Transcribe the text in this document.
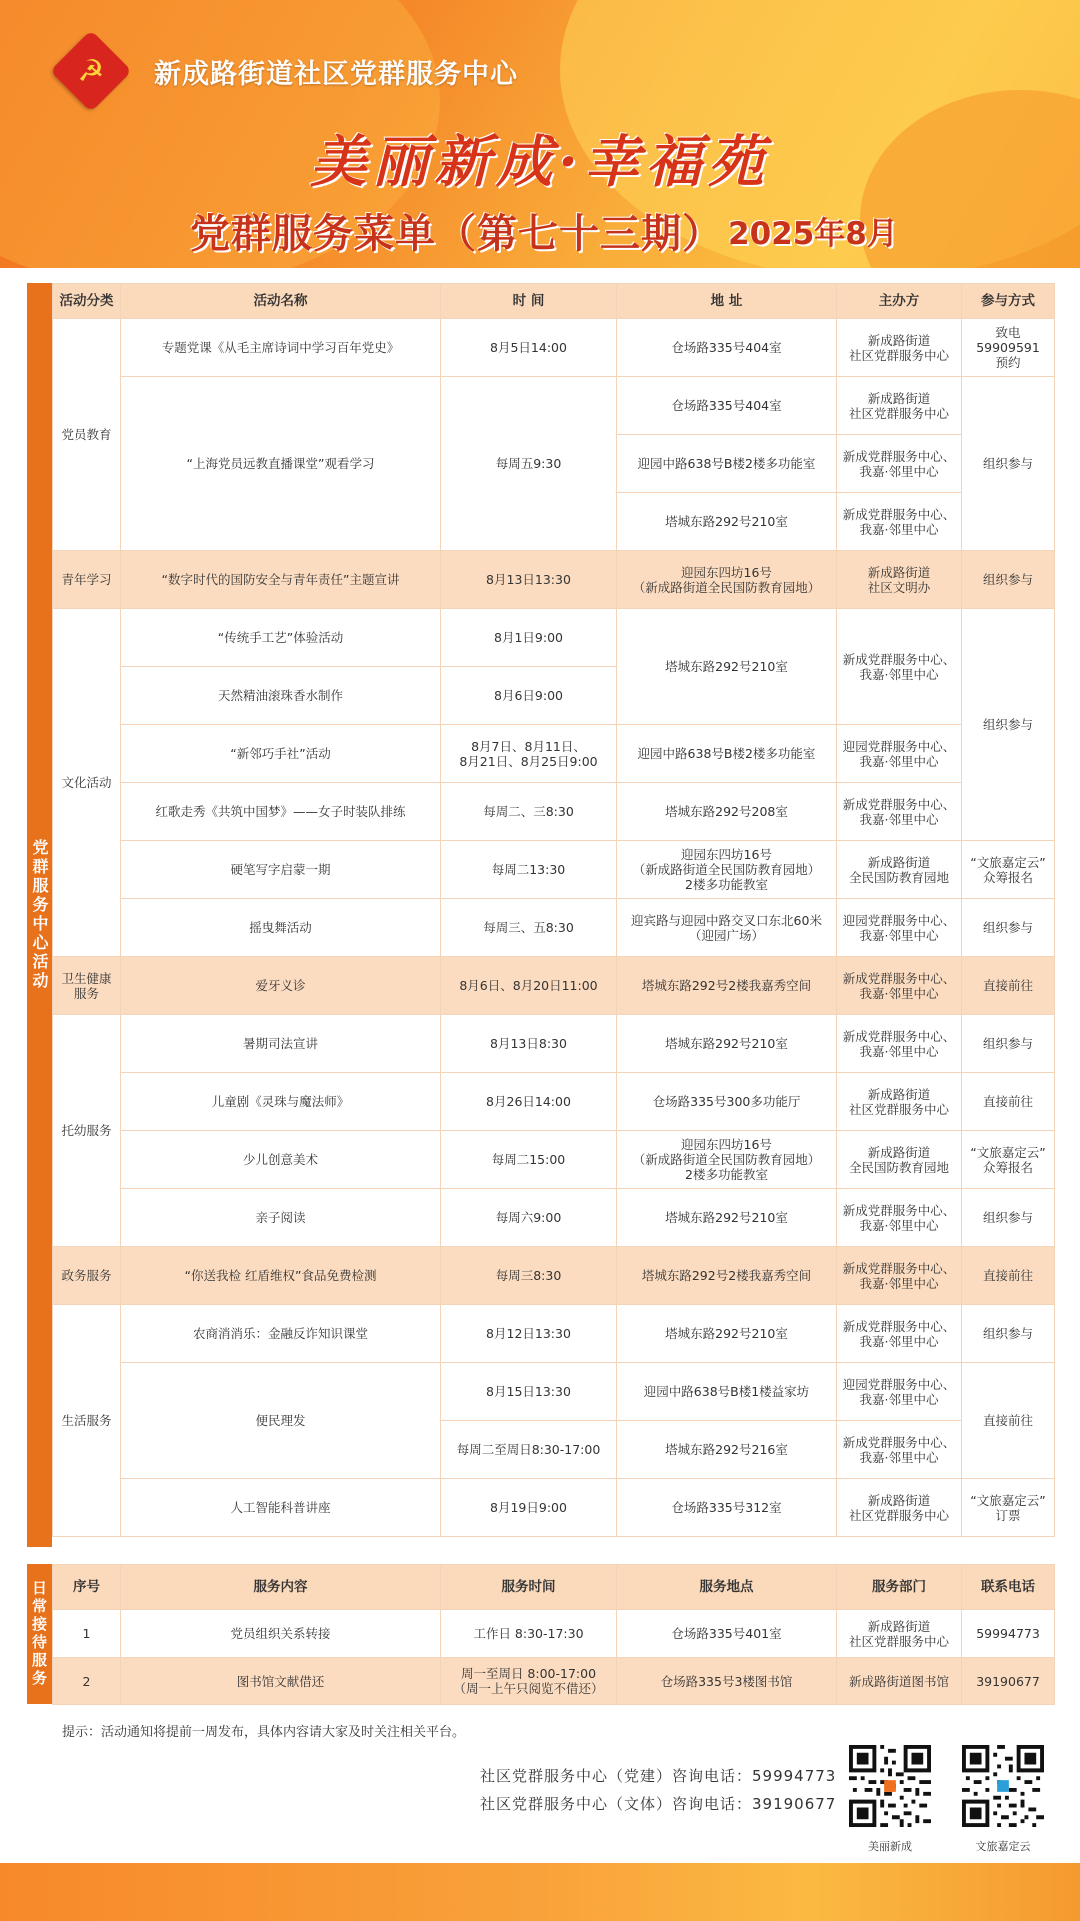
☭	新成路街道社区党群服务中心
美丽新成·幸福苑
党群服务菜单（第七十三期） 2025年8月
党群服务中心活动
活动分类	活动名称	时 间	地 址	主办方	参与方式
党员教育	专题党课《从毛主席诗词中学习百年党史》	8月5日14:00	仓场路335号404室	新成路街道
社区党群服务中心	致电59909591
预约
	“上海党员远教直播课堂”观看学习	每周五9:30	仓场路335号404室	新成路街道
社区党群服务中心	组织参与
			迎园中路638号B楼2楼多功能室	新成党群服务中心、
我嘉·邻里中心	
			塔城东路292号210室	新成党群服务中心、
我嘉·邻里中心	
青年学习	“数字时代的国防安全与青年责任”主题宣讲	8月13日13:30	迎园东四坊16号
（新成路街道全民国防教育园地）	新成路街道
社区文明办	组织参与
文化活动	“传统手工艺”体验活动	8月1日9:00	塔城东路292号210室	新成党群服务中心、
我嘉·邻里中心	组织参与
	天然精油滚珠香水制作	8月6日9:00			
	“新邻巧手社”活动	8月7日、8月11日、
8月21日、8月25日9:00	迎园中路638号B楼2楼多功能室	迎园党群服务中心、
我嘉·邻里中心	
	红歌走秀《共筑中国梦》——女子时装队排练	每周二、三8:30	塔城东路292号208室	新成党群服务中心、
我嘉·邻里中心	
	硬笔写字启蒙一期	每周二13:30	迎园东四坊16号
（新成路街道全民国防教育园地）
2楼多功能教室	新成路街道
全民国防教育园地	“文旅嘉定云”
众筹报名
	摇曳舞活动	每周三、五8:30	迎宾路与迎园中路交叉口东北60米
（迎园广场）	迎园党群服务中心、
我嘉·邻里中心	组织参与
卫生健康服务	爱牙义诊	8月6日、8月20日11:00	塔城东路292号2楼我嘉秀空间	新成党群服务中心、
我嘉·邻里中心	直接前往
托幼服务	暑期司法宣讲	8月13日8:30	塔城东路292号210室	新成党群服务中心、
我嘉·邻里中心	组织参与
	儿童剧《灵珠与魔法师》	8月26日14:00	仓场路335号300多功能厅	新成路街道
社区党群服务中心	直接前往
	少儿创意美术	每周二15:00	迎园东四坊16号
（新成路街道全民国防教育园地）
2楼多功能教室	新成路街道
全民国防教育园地	“文旅嘉定云”
众筹报名
	亲子阅读	每周六9:00	塔城东路292号210室	新成党群服务中心、
我嘉·邻里中心	组织参与
政务服务	“你送我检 红盾维权”食品免费检测	每周三8:30	塔城东路292号2楼我嘉秀空间	新成党群服务中心、
我嘉·邻里中心	直接前往
生活服务	农商消消乐：金融反诈知识课堂	8月12日13:30	塔城东路292号210室	新成党群服务中心、
我嘉·邻里中心	组织参与
	便民理发	8月15日13:30	迎园中路638号B楼1楼益家坊	迎园党群服务中心、
我嘉·邻里中心	直接前往
		每周二至周日8:30-17:00	塔城东路292号216室	新成党群服务中心、
我嘉·邻里中心	
	人工智能科普讲座	8月19日9:00	仓场路335号312室	新成路街道
社区党群服务中心	“文旅嘉定云”
订票
日常接待服务 序号	服务内容	服务时间	服务地点	服务部门	联系电话
1	党员组织关系转接	工作日 8:30-17:30	仓场路335号401室	新成路街道
社区党群服务中心	59994773
2	图书馆文献借还	周一至周日 8:00-17:00
（周一上午只阅览不借还）	仓场路335号3楼图书馆	新成路街道图书馆	39190677
提示：活动通知将提前一周发布，具体内容请大家及时关注相关平台。
社区党群服务中心（党建）咨询电话：59994773
社区党群服务中心（文体）咨询电话：39190677
美丽新成	文旅嘉定云
